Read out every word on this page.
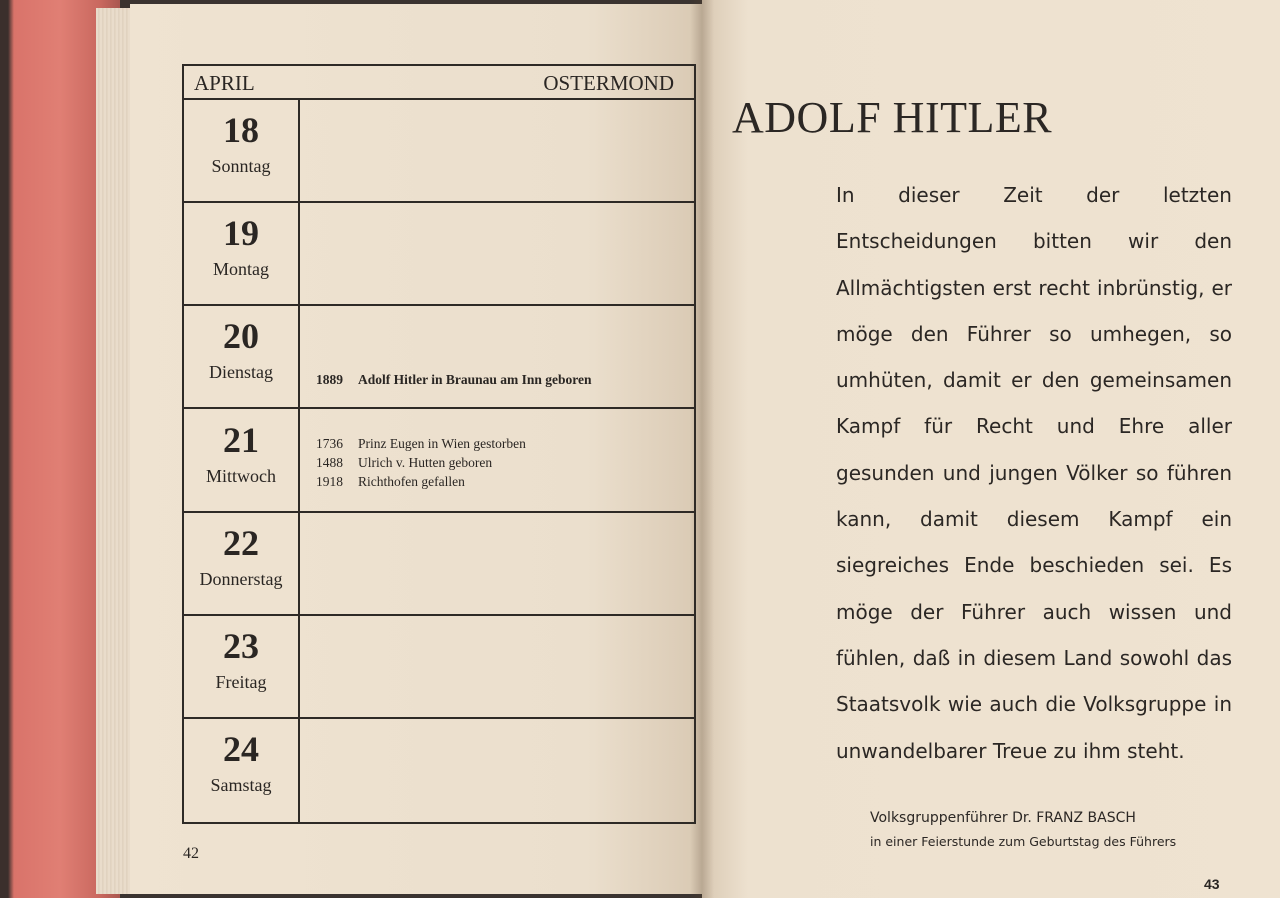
APRIL	OSTERMOND
18
Sonntag
19
Montag
20
Dienstag	1889 Adolf Hitler in Braunau am Inn geboren
21
Mittwoch
1736 Prinz Eugen in Wien gestorben
1488 Ulrich v. Hutten geboren
1918 Richthofen gefallen
22
Donnerstag
23
Freitag
24
Samstag
42
ADOLF HITLER
In dieser Zeit der letzten Entscheidungen bitten wir den Allmächtigsten erst recht inbrünstig, er möge den Führer so umhegen, so umhüten, damit er den gemeinsamen Kampf für Recht und Ehre aller gesunden und jungen Völker so führen kann, damit diesem Kampf ein siegreiches Ende beschieden sei. Es möge der Führer auch wissen und fühlen, daß in diesem Land sowohl das Staatsvolk wie auch die Volksgruppe in unwandelbarer Treue zu ihm steht.
Volksgruppenführer Dr. FRANZ BASCH
in einer Feierstunde zum Geburtstag des Führers
43
